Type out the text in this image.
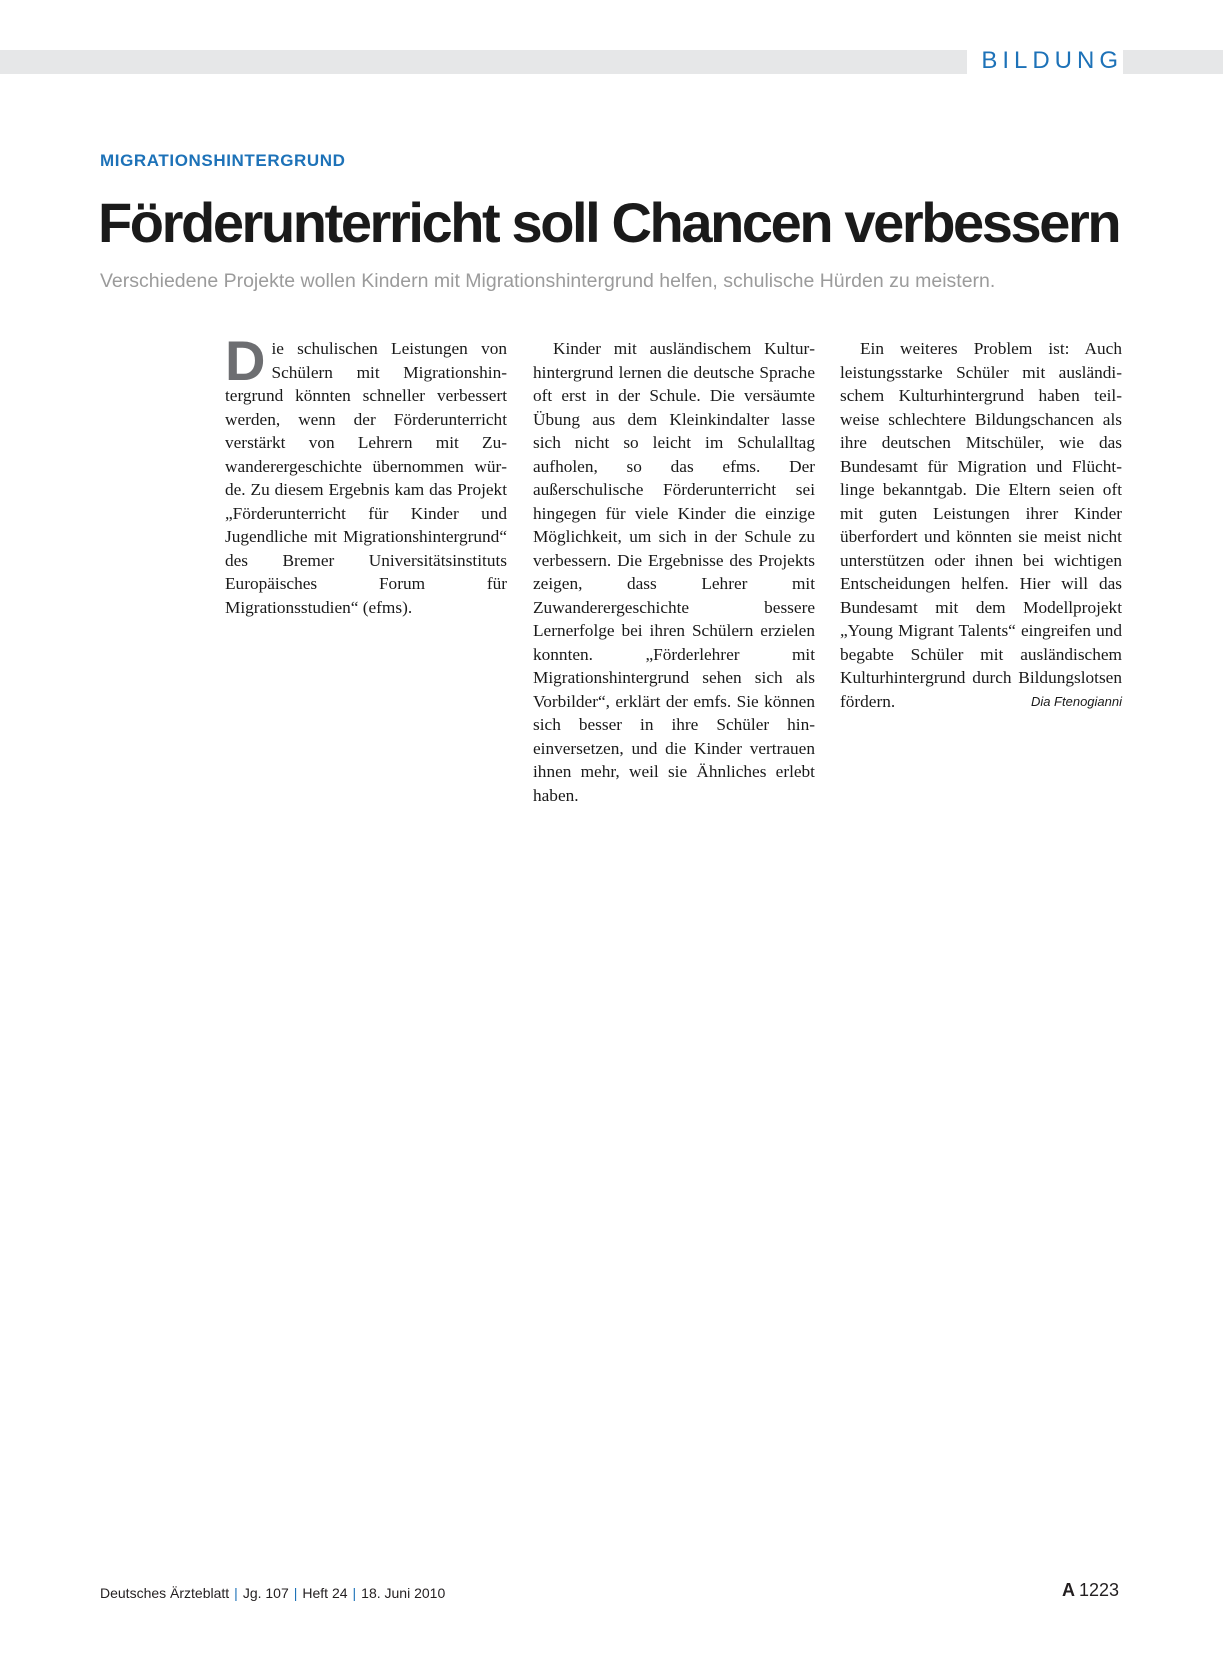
BILDUNG
MIGRATIONSHINTERGRUND
Förderunterricht soll Chancen verbessern
Verschiedene Projekte wollen Kindern mit Migrationshintergrund helfen, schulische Hürden zu meistern.

Die schulischen Leistungen von Schülern mit Migrationshintergrund könnten schneller verbessert werden, wenn der Förderunterricht verstärkt von Lehrern mit Zuwanderergeschichte übernommen würde. Zu diesem Ergebnis kam das Projekt „Förderunterricht für Kinder und Jugendliche mit Migrationshintergrund“ des Bremer Universitätsinstituts Europäisches Forum für Migrationsstudien“ (efms).

Kinder mit ausländischem Kulturhintergrund lernen die deutsche Sprache oft erst in der Schule. Die versäumte Übung aus dem Kleinkindalter lasse sich nicht so leicht im Schulalltag aufholen, so das efms. Der außerschulische Förderunterricht sei hingegen für viele Kinder die einzige Möglichkeit, um sich in der Schule zu verbessern. Die Ergebnisse des Projekts zeigen, dass Lehrer mit Zuwanderergeschichte bessere Lernerfolge bei ihren Schülern erzielen konnten. „Förderlehrer mit Migrationshintergrund sehen sich als Vorbilder“, erklärt der emfs. Sie können sich besser in ihre Schüler hineinversetzen, und die Kinder vertrauen ihnen mehr, weil sie Ähnliches erlebt haben.

Ein weiteres Problem ist: Auch leistungsstarke Schüler mit ausländischem Kulturhintergrund haben teilweise schlechtere Bildungschancen als ihre deutschen Mitschüler, wie das Bundesamt für Migration und Flüchtlinge bekanntgab. Die Eltern seien oft mit guten Leistungen ihrer Kinder überfordert und könnten sie meist nicht unterstützen oder ihnen bei wichtigen Entscheidungen helfen. Hier will das Bundesamt mit dem Modellprojekt „Young Migrant Talents“ eingreifen und begabte Schüler mit ausländischem Kulturhintergrund durch Bildungslotsen fördern.	Dia Ftenogianni

Deutsches Ärzteblatt | Jg. 107 | Heft 24 | 18. Juni 2010	A 1223
